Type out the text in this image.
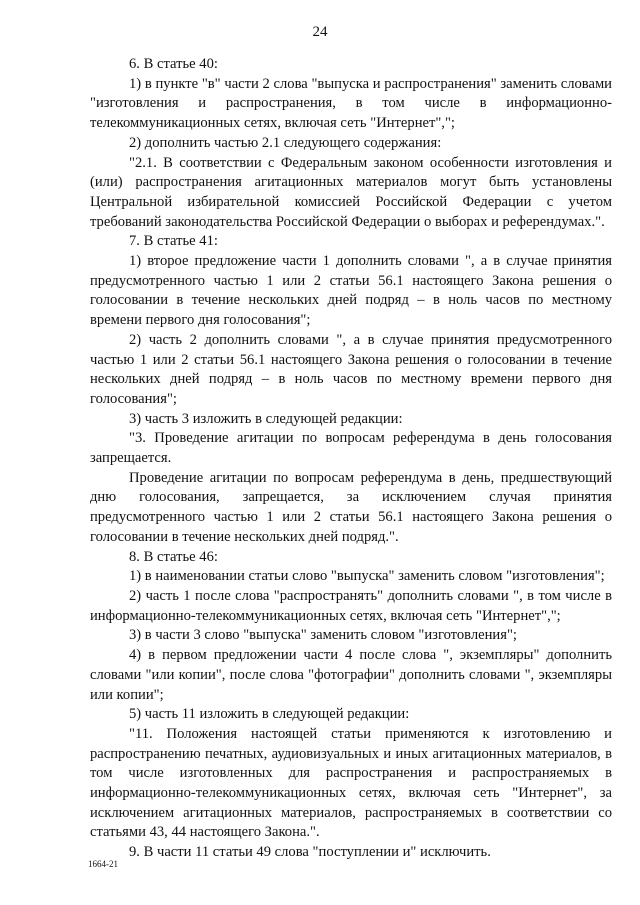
24

6. В статье 40:

1) в пункте "в" части 2 слова "выпуска и распространения" заменить словами "изготовления и распространения, в том числе в информационно-телекоммуникационных сетях, включая сеть "Интернет",";

2) дополнить частью 2.1 следующего содержания:

"2.1. В соответствии с Федеральным законом особенности изготовления и (или) распространения агитационных материалов могут быть установлены Центральной избирательной комиссией Российской Федерации с учетом требований законодательства Российской Федерации о выборах и референдумах.".

7. В статье 41:

1) второе предложение части 1 дополнить словами ", а в случае принятия предусмотренного частью 1 или 2 статьи 56.1 настоящего Закона решения о голосовании в течение нескольких дней подряд – в ноль часов по местному времени первого дня голосования";

2) часть 2 дополнить словами ", а в случае принятия предусмотренного частью 1 или 2 статьи 56.1 настоящего Закона решения о голосовании в течение нескольких дней подряд – в ноль часов по местному времени первого дня голосования";

3) часть 3 изложить в следующей редакции:

"3. Проведение агитации по вопросам референдума в день голосования запрещается.

Проведение агитации по вопросам референдума в день, предшествующий дню голосования, запрещается, за исключением случая принятия предусмотренного частью 1 или 2 статьи 56.1 настоящего Закона решения о голосовании в течение нескольких дней подряд.".

8. В статье 46:

1) в наименовании статьи слово "выпуска" заменить словом "изготовления";

2) часть 1 после слова "распространять" дополнить словами ", в том числе в информационно-телекоммуникационных сетях, включая сеть "Интернет",";

3) в части 3 слово "выпуска" заменить словом "изготовления";

4) в первом предложении части 4 после слова ", экземпляры" дополнить словами "или копии", после слова "фотографии" дополнить словами ", экземпляры или копии";

5) часть 11 изложить в следующей редакции:

"11. Положения настоящей статьи применяются к изготовлению и распространению печатных, аудиовизуальных и иных агитационных материалов, в том числе изготовленных для распространения и распространяемых в информационно-телекоммуникационных сетях, включая сеть "Интернет", за исключением агитационных материалов, распространяемых в соответствии со статьями 43, 44 настоящего Закона.".

9. В части 11 статьи 49 слова "поступлении и" исключить.

1664-21
